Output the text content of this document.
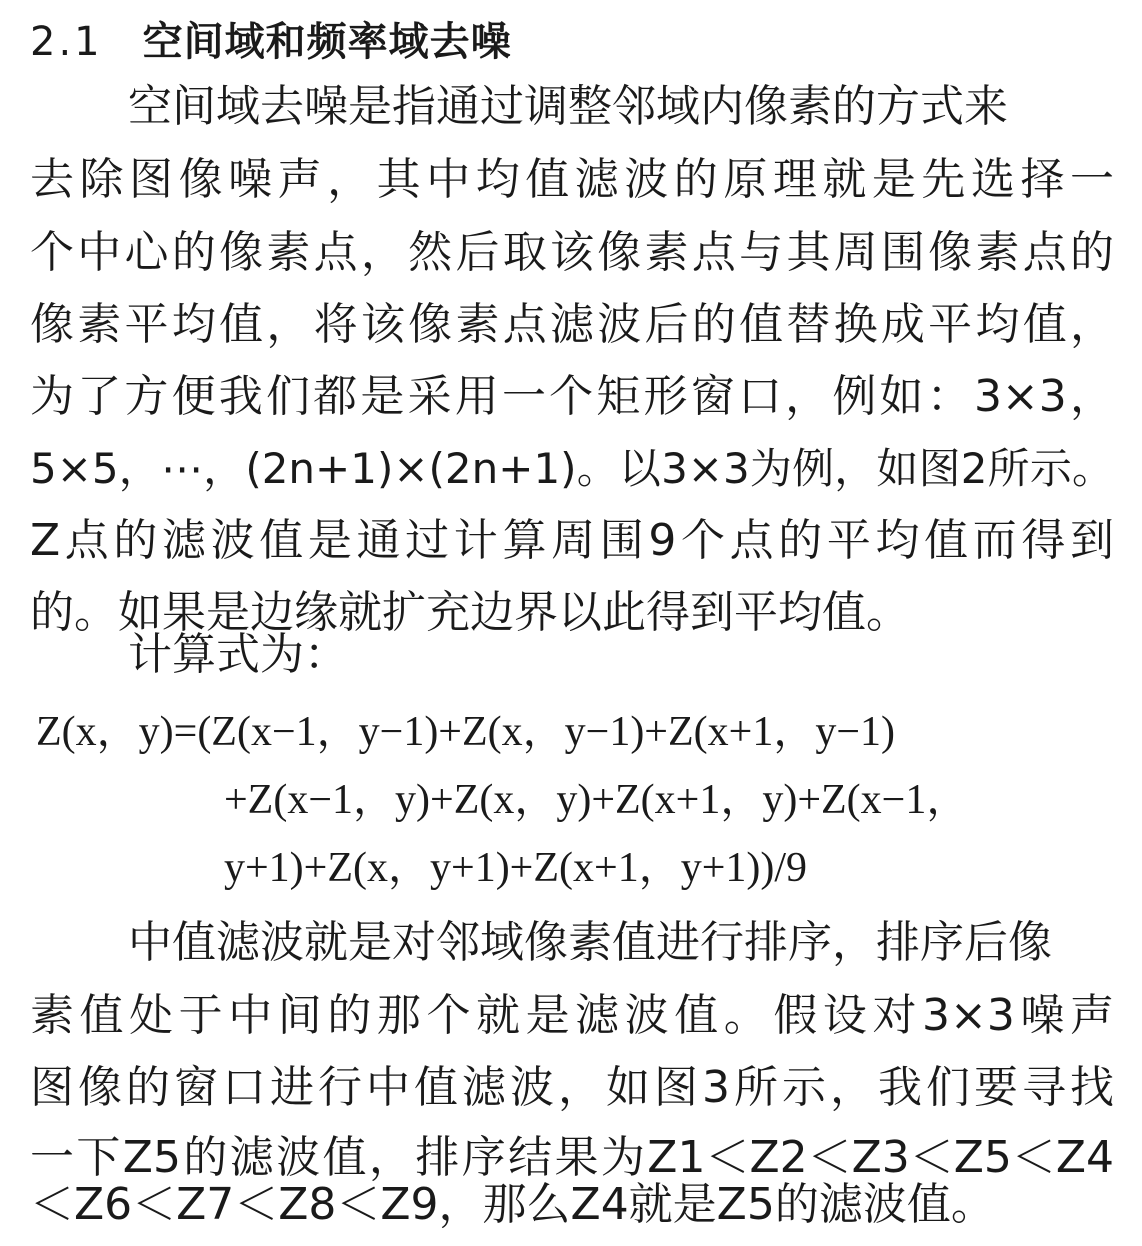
2.1 空间域和频率域去噪
空间域去噪是指通过调整邻域内像素的方式来
去除图像噪声，其中均值滤波的原理就是先选择一
个中心的像素点，然后取该像素点与其周围像素点的
像素平均值，将该像素点滤波后的值替换成平均值，
为了方便我们都是采用一个矩形窗口，例如：3×3，
5×5，⋯，(2n+1)×(2n+1)。以3×3为例，如图2所示。
Z点的滤波值是通过计算周围9个点的平均值而得到
的。如果是边缘就扩充边界以此得到平均值。
计算式为：
Z(x，y)=(Z(x−1，y−1)+Z(x，y−1)+Z(x+1，y−1)
+Z(x−1，y)+Z(x，y)+Z(x+1，y)+Z(x−1，
y+1)+Z(x，y+1)+Z(x+1，y+1))/9
中值滤波就是对邻域像素值进行排序，排序后像
素值处于中间的那个就是滤波值。假设对3×3噪声
图像的窗口进行中值滤波，如图3所示，我们要寻找
一下Z5的滤波值，排序结果为Z1＜Z2＜Z3＜Z5＜Z4
＜Z6＜Z7＜Z8＜Z9，那么Z4就是Z5的滤波值。
